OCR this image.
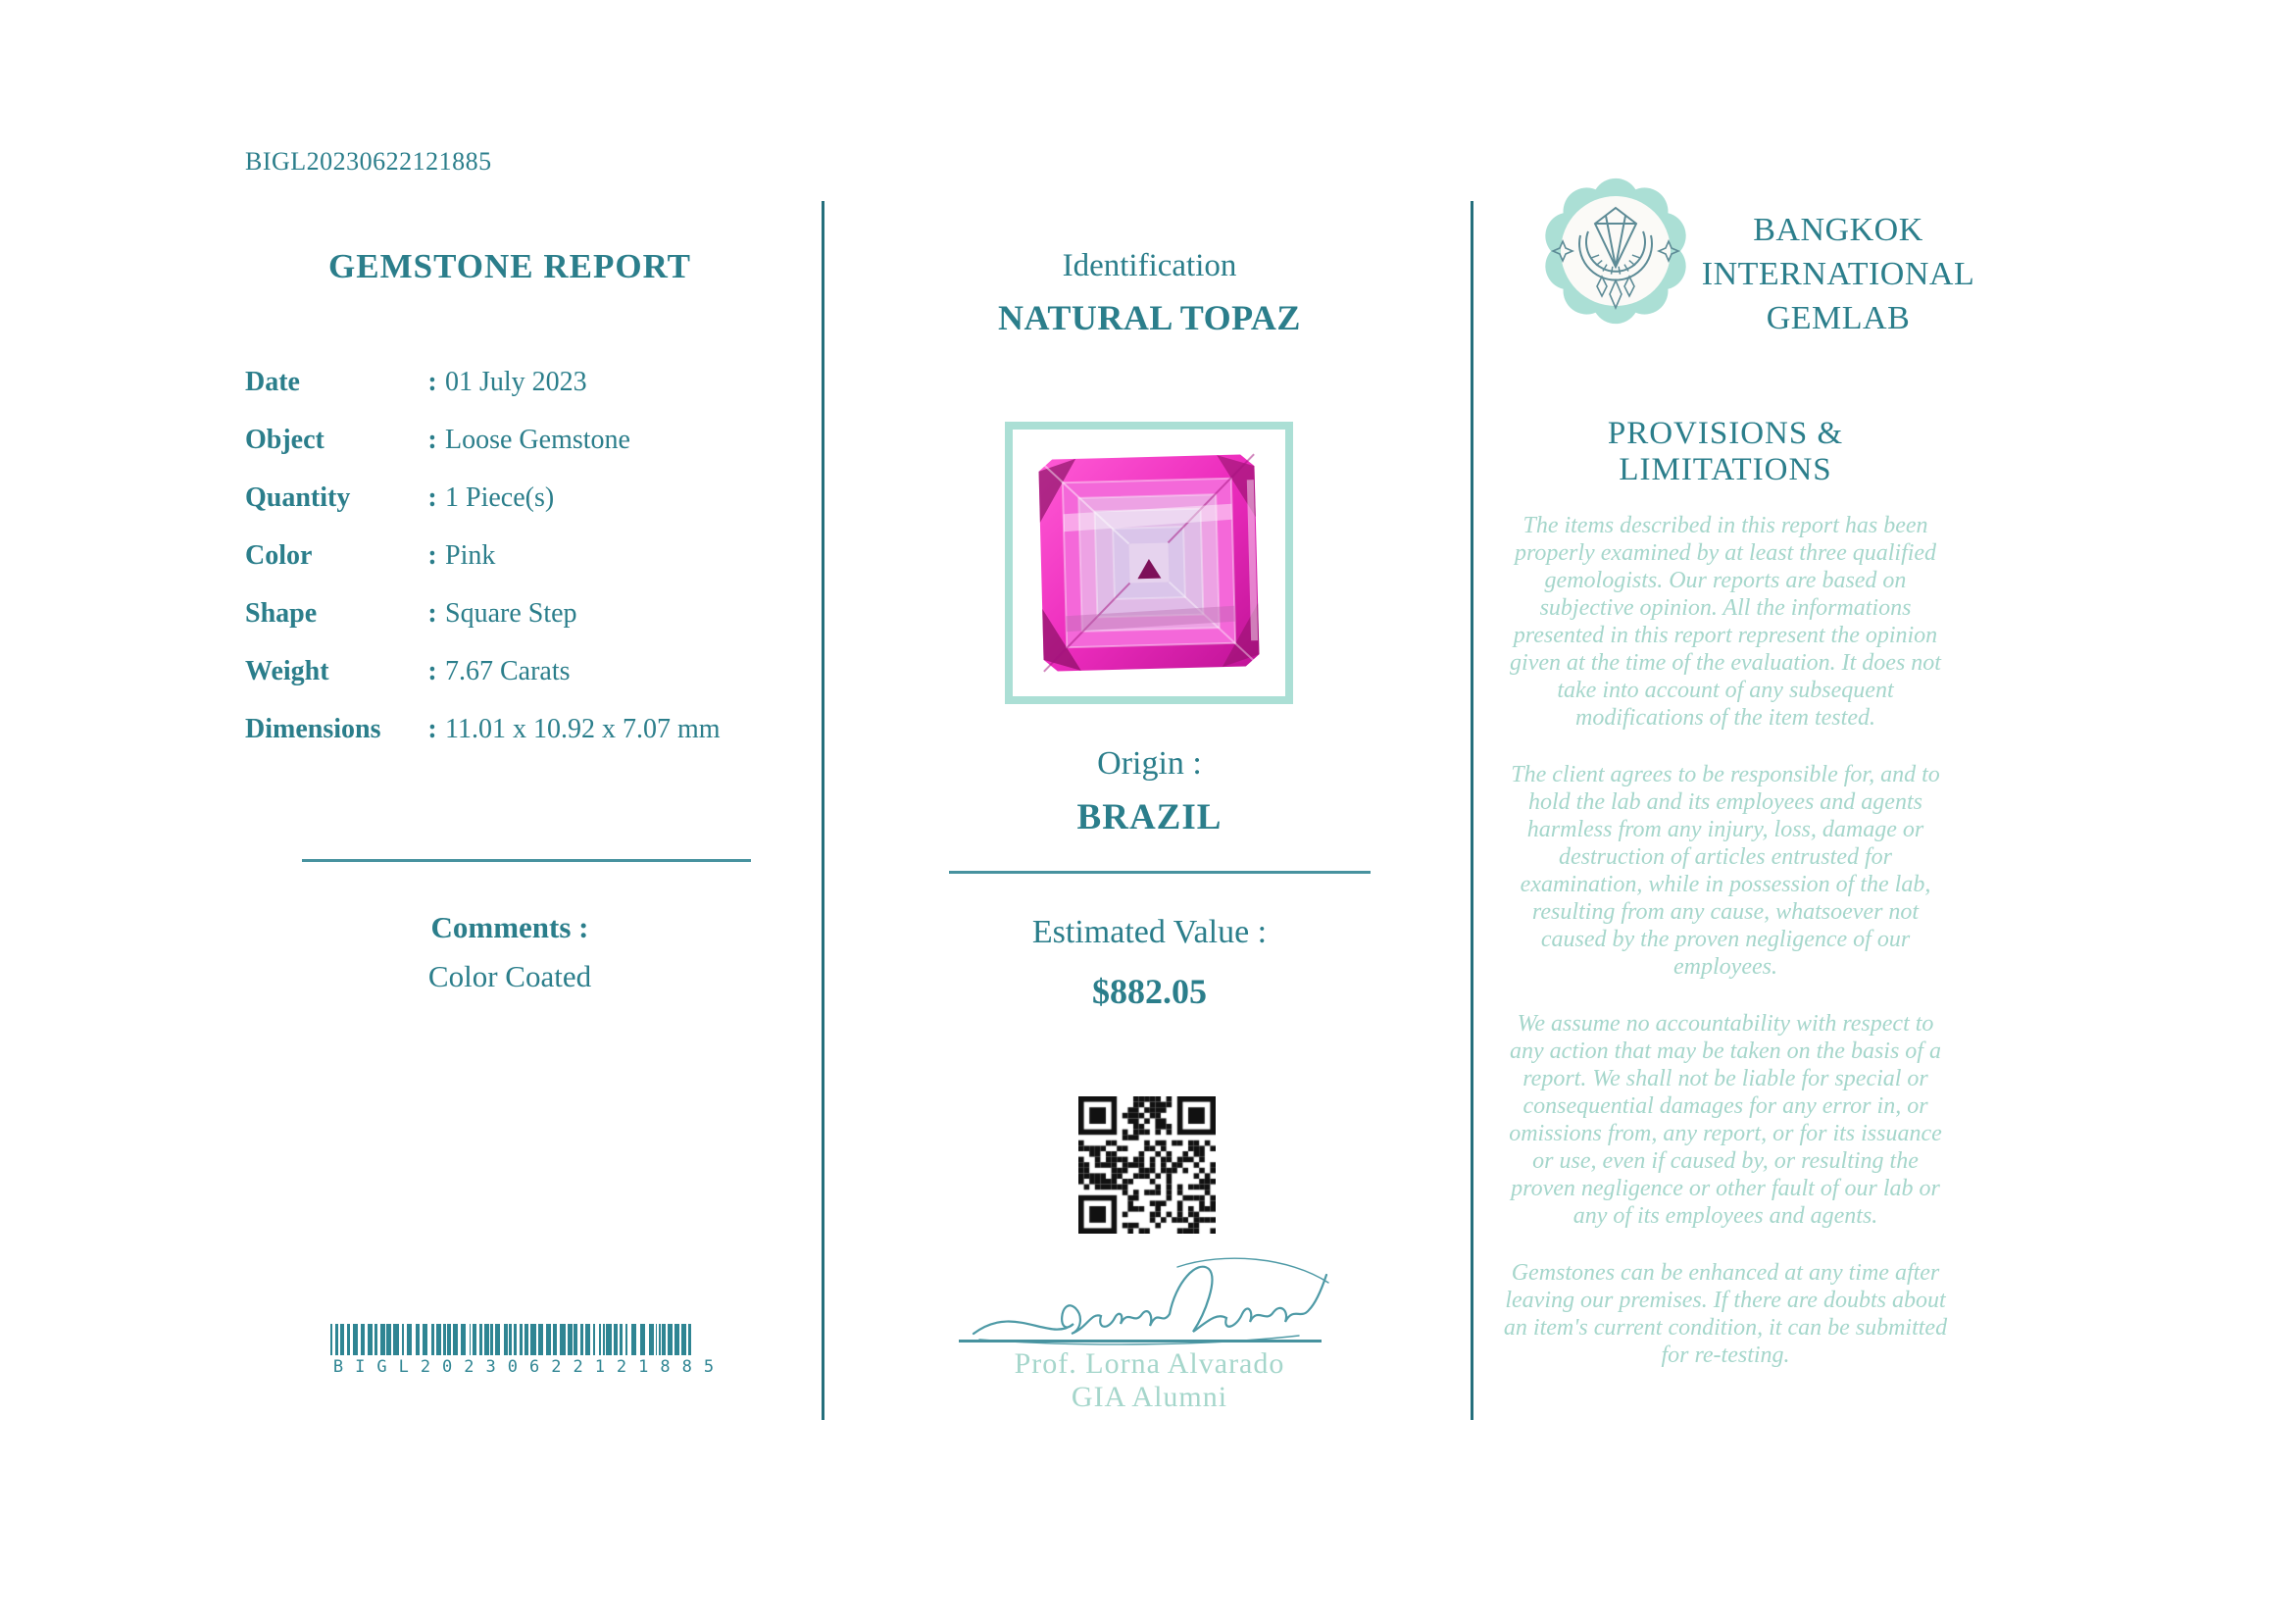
BIGL20230622121885
GEMSTONE REPORT
Date	: 01 July 2023
Object	: Loose Gemstone
Quantity	: 1 Piece(s)
Color	: Pink
Shape	: Square Step
Weight	: 7.67 Carats
Dimensions	: 11.01 x 10.92 x 7.07 mm
Comments :
Color Coated
BIGL20230622121885
Identification
NATURAL TOPAZ
Origin :
BRAZIL
Estimated Value :
$882.05
Prof. Lorna Alvarado
GIA Alumni
BANGKOK INTERNATIONAL GEMLAB
PROVISIONS & LIMITATIONS

The items described in this report has been properly examined by at least three qualified gemologists. Our reports are based on subjective opinion. All the informations presented in this report represent the opinion given at the time of the evaluation. It does not take into account of any subsequent modifications of the item tested.

The client agrees to be responsible for, and to hold the lab and its employees and agents harmless from any injury, loss, damage or destruction of articles entrusted for examination, while in possession of the lab, resulting from any cause, whatsoever not caused by the proven negligence of our employees.

We assume no accountability with respect to any action that may be taken on the basis of a report. We shall not be liable for special or consequential damages for any error in, or omissions from, any report, or for its issuance or use, even if caused by, or resulting the proven negligence or other fault of our lab or any of its employees and agents.

Gemstones can be enhanced at any time after leaving our premises. If there are doubts about an item's current condition, it can be submitted for re-testing.
